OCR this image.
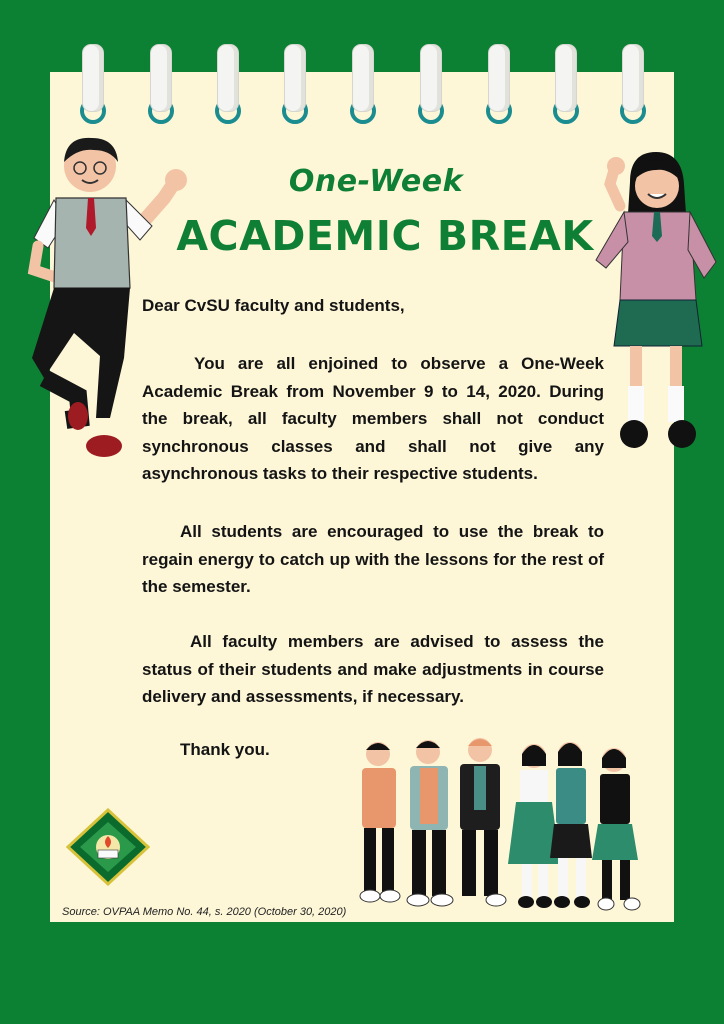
One-Week
ACADEMIC BREAK
Dear CvSU faculty and students,

You are all enjoined to observe a One-Week Academic Break from November 9 to 14, 2020. During the break, all faculty members shall not conduct synchronous classes and shall not give any asynchronous tasks to their respective students.

All students are encouraged to use the break to regain energy to catch up with the lessons for the rest of the semester.

All faculty members are advised to assess the status of their students and make adjustments in course delivery and assessments, if necessary.

Thank you.
Source: OVPAA Memo No. 44, s. 2020 (October 30, 2020)
